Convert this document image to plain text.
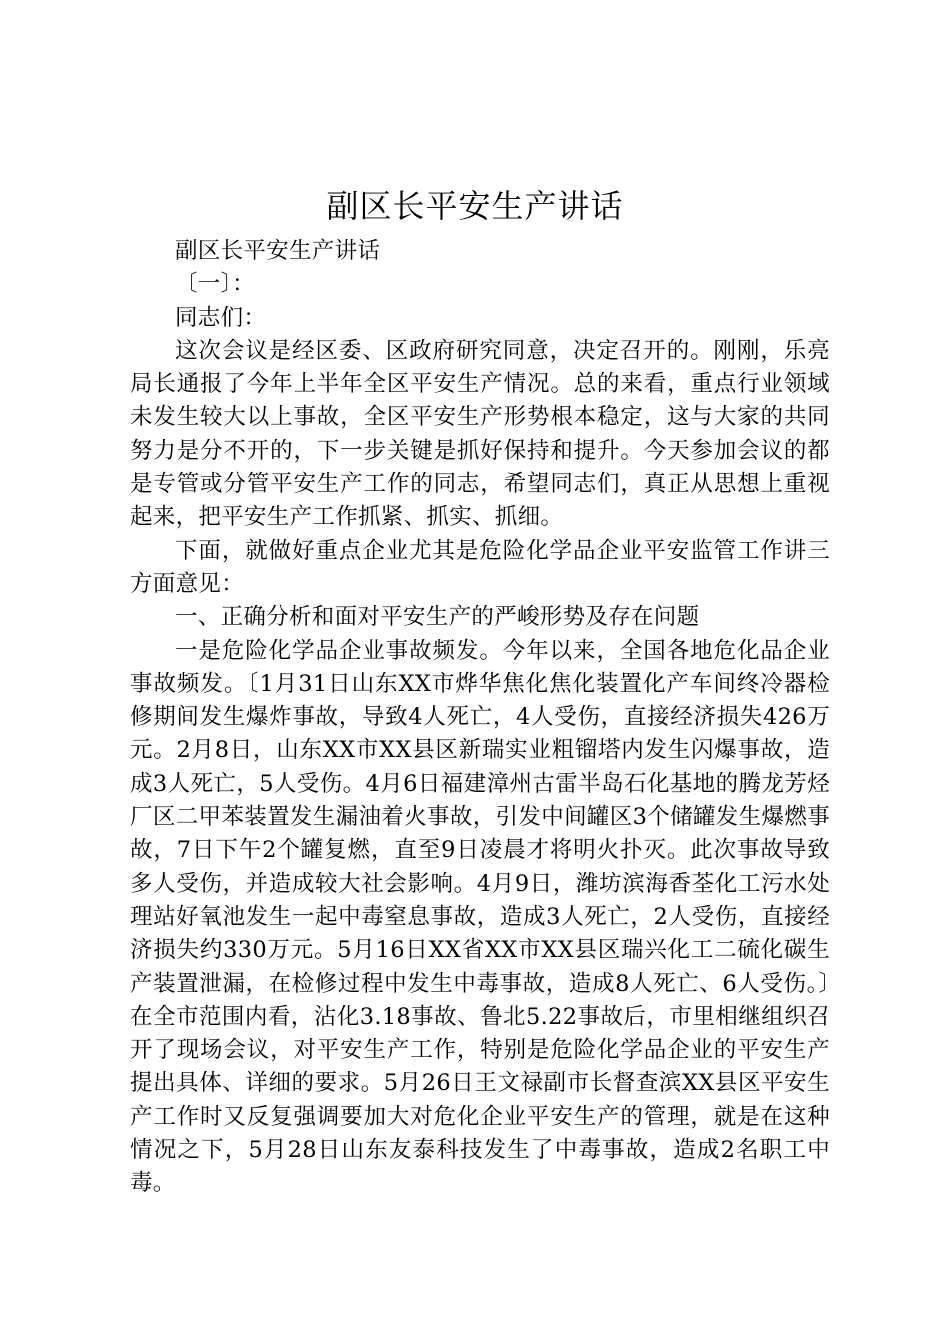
副区长平安生产讲话

副区长平安生产讲话

〔一〕：

同志们：

这次会议是经区委、区政府研究同意，决定召开的。刚刚，乐亮局长通报了今年上半年全区平安生产情况。总的来看，重点行业领域未发生较大以上事故，全区平安生产形势根本稳定，这与大家的共同努力是分不开的，下一步关键是抓好保持和提升。今天参加会议的都是专管或分管平安生产工作的同志，希望同志们，真正从思想上重视起来，把平安生产工作抓紧、抓实、抓细。

下面，就做好重点企业尤其是危险化学品企业平安监管工作讲三方面意见：

一、正确分析和面对平安生产的严峻形势及存在问题

一是危险化学品企业事故频发。今年以来，全国各地危化品企业事故频发。〔1月31日山东XX市烨华焦化焦化装置化产车间终冷器检修期间发生爆炸事故，导致4人死亡，4人受伤，直接经济损失426万元。2月8日，山东XX市XX县区新瑞实业粗镏塔内发生闪爆事故，造成3人死亡，5人受伤。4月6日福建漳州古雷半岛石化基地的腾龙芳烃厂区二甲苯装置发生漏油着火事故，引发中间罐区3个储罐发生爆燃事故，7日下午2个罐复燃，直至9日凌晨才将明火扑灭。此次事故导致多人受伤，并造成较大社会影响。4月9日，潍坊滨海香荃化工污水处理站好氧池发生一起中毒窒息事故，造成3人死亡，2人受伤，直接经济损失约330万元。5月16日XX省XX市XX县区瑞兴化工二硫化碳生产装置泄漏，在检修过程中发生中毒事故，造成8人死亡、6人受伤。〕在全市范围内看，沾化3.18事故、鲁北5.22事故后，市里相继组织召开了现场会议，对平安生产工作，特别是危险化学品企业的平安生产提出具体、详细的要求。5月26日王文禄副市长督查滨XX县区平安生产工作时又反复强调要加大对危化企业平安生产的管理，就是在这种情况之下，5月28日山东友泰科技发生了中毒事故，造成2名职工中毒。
